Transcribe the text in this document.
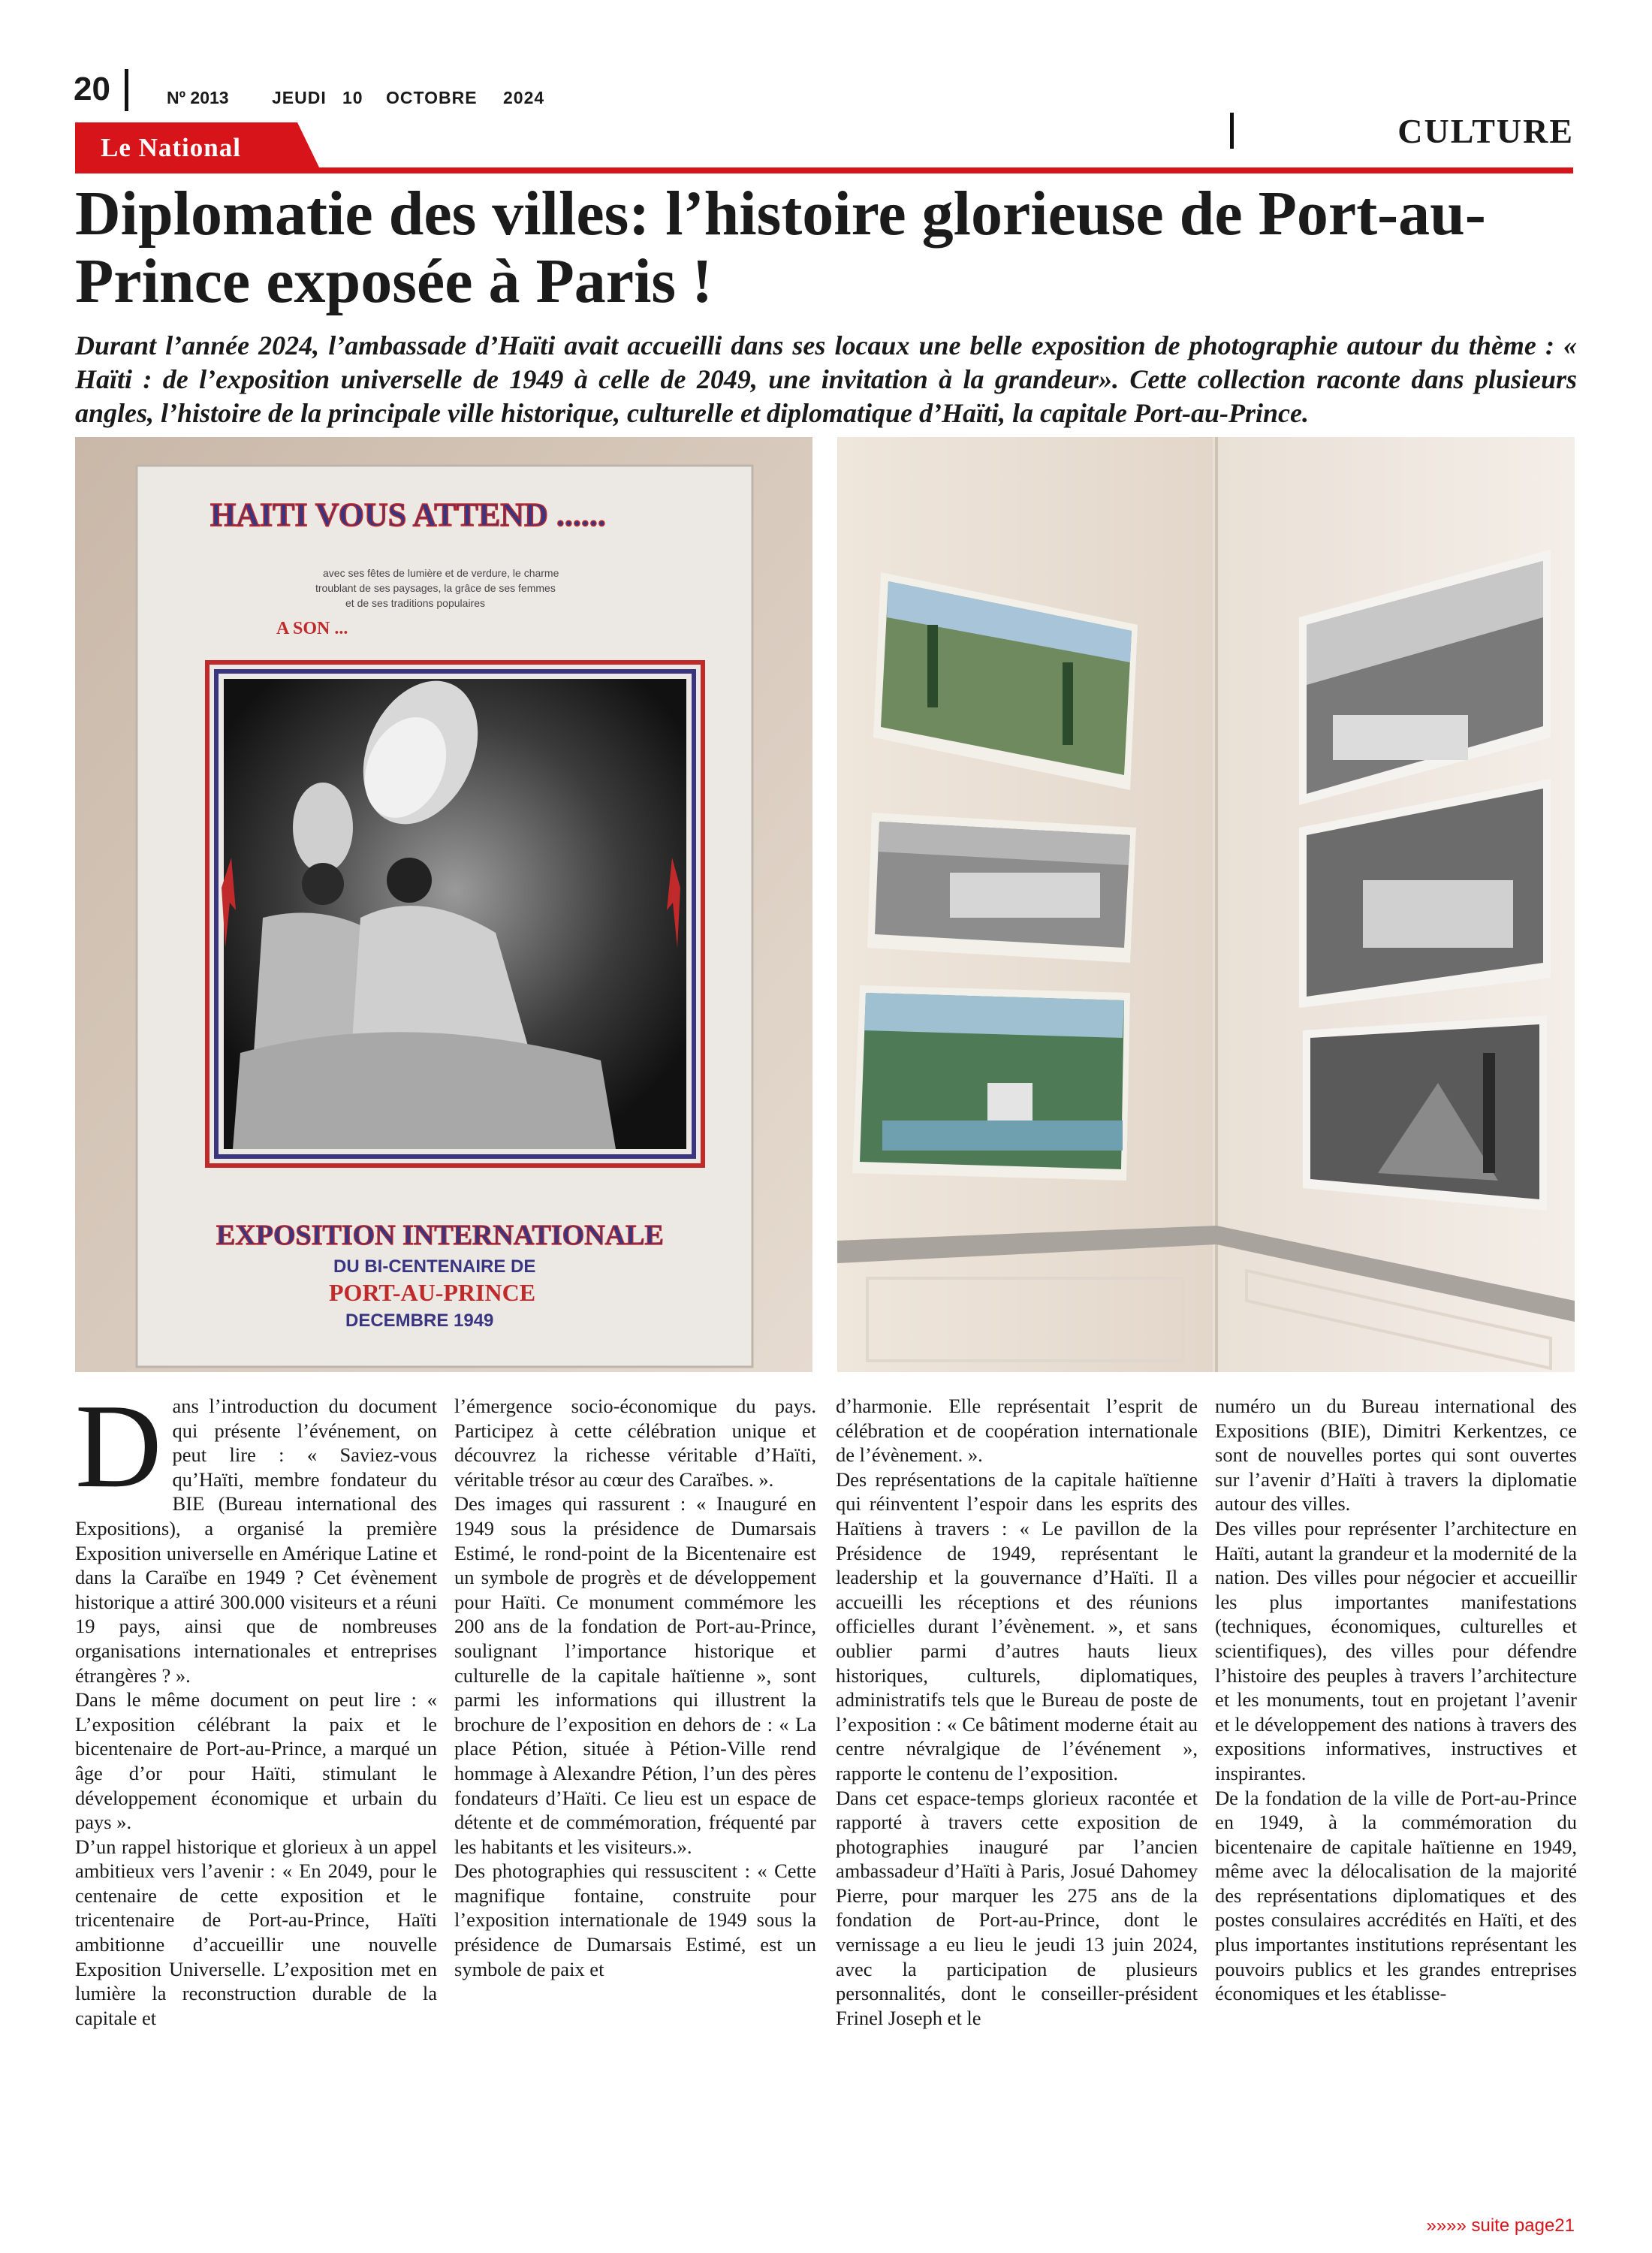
20	Nº 2013 JEUDI 10 OCTOBRE 2024
Le National	CULTURE
Diplomatie des villes: l’histoire glorieuse de Port-au-Prince exposée à Paris !
Durant l’année 2024, l’ambassade d’Haïti avait accueilli dans ses locaux une belle exposition de photographie autour du thème : « Haïti : de l’exposition universelle de 1949 à celle de 2049, une invitation à la grandeur». Cette collection raconte dans plusieurs angles, l’histoire de la principale ville historique, culturelle et diplomatique d’Haïti, la capitale Port-au-Prince.
HAITI VOUS ATTEND ......
avec ses fêtes de lumière et de verdure, le charme
troublant de ses paysages, la grâce de ses femmes
et de ses traditions populaires
A SON ...
EXPOSITION INTERNATIONALE
DU BI-CENTENAIRE DE
PORT-AU-PRINCE
DECEMBRE 1949

Dans l’introduction du document qui présente l’événement, on peut lire : « Saviez-vous qu’Haïti, membre fondateur du BIE (Bureau international des Expositions), a organisé la première Exposition universelle en Amérique Latine et dans la Caraïbe en 1949 ? Cet évènement historique a attiré 300.000 visiteurs et a réuni 19 pays, ainsi que de nombreuses organisations internationales et entreprises étrangères ? ».

Dans le même document on peut lire : « L’exposition célébrant la paix et le bicentenaire de Port-au-Prince, a marqué un âge d’or pour Haïti, stimulant le développement économique et urbain du pays ».

D’un rappel historique et glorieux à un appel ambitieux vers l’avenir : « En 2049, pour le centenaire de cette exposition et le tricentenaire de Port-au-Prince, Haïti ambitionne d’accueillir une nouvelle Exposition Universelle. L’exposition met en lumière la reconstruction durable de la capitale et

l’émergence socio-économique du pays. Participez à cette célébration unique et découvrez la richesse véritable d’Haïti, véritable trésor au cœur des Caraïbes. ».

Des images qui rassurent : « Inauguré en 1949 sous la présidence de Dumarsais Estimé, le rond-point de la Bicentenaire est un symbole de progrès et de développement pour Haïti. Ce monument commémore les 200 ans de la fondation de Port-au-Prince, soulignant l’importance historique et culturelle de la capitale haïtienne », sont parmi les informations qui illustrent la brochure de l’exposition en dehors de : « La place Pétion, située à Pétion-Ville rend hommage à Alexandre Pétion, l’un des pères fondateurs d’Haïti. Ce lieu est un espace de détente et de commémoration, fréquenté par les habitants et les visiteurs.».

Des photographies qui ressuscitent : « Cette magnifique fontaine, construite pour l’exposition internationale de 1949 sous la présidence de Dumarsais Estimé, est un symbole de paix et

d’harmonie. Elle représentait l’esprit de célébration et de coopération internationale de l’évènement. ».

Des représentations de la capitale haïtienne qui réinventent l’espoir dans les esprits des Haïtiens à travers : « Le pavillon de la Présidence de 1949, représentant le leadership et la gouvernance d’Haïti. Il a accueilli les réceptions et des réunions officielles durant l’évènement. », et sans oublier parmi d’autres hauts lieux historiques, culturels, diplomatiques, administratifs tels que le Bureau de poste de l’exposition : « Ce bâtiment moderne était au centre névralgique de l’événement », rapporte le contenu de l’exposition.

Dans cet espace-temps glorieux racontée et rapporté à travers cette exposition de photographies inauguré par l’ancien ambassadeur d’Haïti à Paris, Josué Dahomey Pierre, pour marquer les 275 ans de la fondation de Port-au-Prince, dont le vernissage a eu lieu le jeudi 13 juin 2024, avec la participation de plusieurs personnalités, dont le conseiller-président Frinel Joseph et le

numéro un du Bureau international des Expositions (BIE), Dimitri Kerkentzes, ce sont de nouvelles portes qui sont ouvertes sur l’avenir d’Haïti à travers la diplomatie autour des villes.

Des villes pour représenter l’architecture en Haïti, autant la grandeur et la modernité de la nation. Des villes pour négocier et accueillir les plus importantes manifestations (techniques, économiques, culturelles et scientifiques), des villes pour défendre l’histoire des peuples à travers l’architecture et les monuments, tout en projetant l’avenir et le développement des nations à travers des expositions informatives, instructives et inspirantes.

De la fondation de la ville de Port-au-Prince en 1949, à la commémoration du bicentenaire de capitale haïtienne en 1949, même avec la délocalisation de la majorité des représentations diplomatiques et des postes consulaires accrédités en Haïti, et des plus importantes institutions représentant les pouvoirs publics et les grandes entreprises économiques et les établisse-

»»»» suite page21
